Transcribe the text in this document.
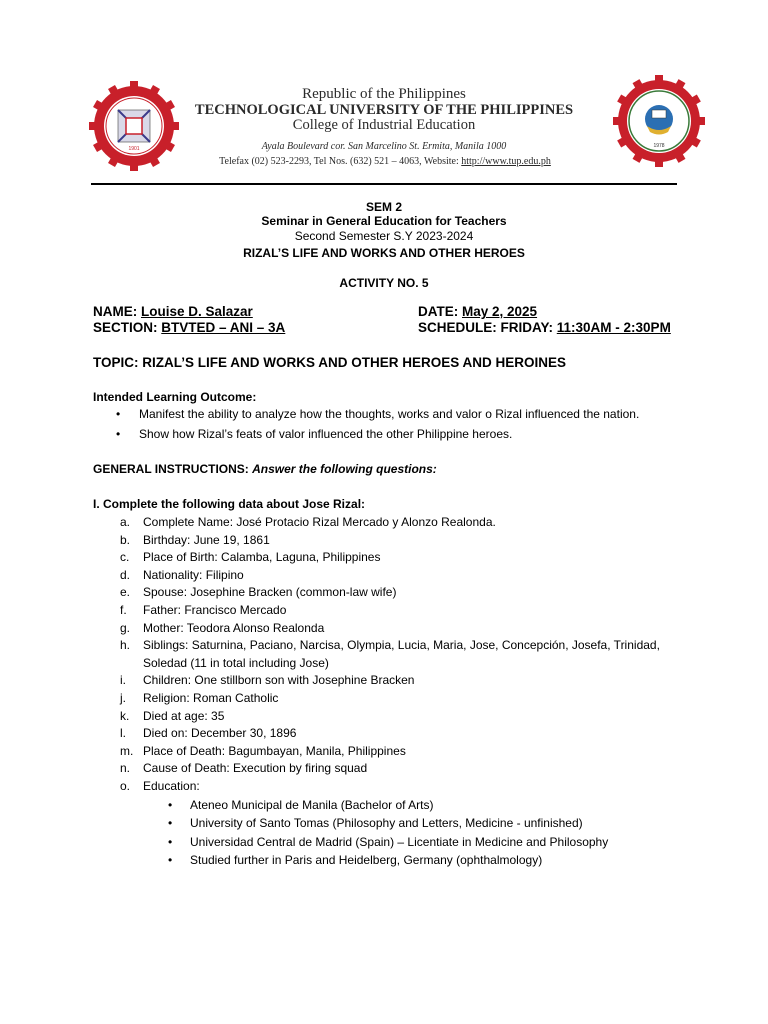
1901	1978
Republic of the Philippines
TECHNOLOGICAL UNIVERSITY OF THE PHILIPPINES
College of Industrial Education
Ayala Boulevard cor. San Marcelino St. Ermita, Manila 1000
Telefax (02) 523-2293, Tel Nos. (632) 521 – 4063, Website: http://www.tup.edu.ph
SEM 2
Seminar in General Education for Teachers
Second Semester S.Y 2023-2024
RIZAL’S LIFE AND WORKS AND OTHER HEROES
ACTIVITY NO. 5
NAME: Louise D. Salazar	DATE: May 2, 2025
SECTION: BTVTED – ANI – 3A	SCHEDULE: FRIDAY: 11:30AM - 2:30PM
TOPIC: RIZAL’S LIFE AND WORKS AND OTHER HEROES AND HEROINES
Intended Learning Outcome:
• Manifest the ability to analyze how the thoughts, works and valor o Rizal influenced the nation.
• Show how Rizal’s feats of valor influenced the other Philippine heroes.
GENERAL INSTRUCTIONS: Answer the following questions:
I. Complete the following data about Jose Rizal:
a. Complete Name: José Protacio Rizal Mercado y Alonzo Realonda.
b. Birthday: June 19, 1861
c. Place of Birth: Calamba, Laguna, Philippines
d. Nationality: Filipino
e. Spouse: Josephine Bracken (common-law wife)
f. Father: Francisco Mercado
g. Mother: Teodora Alonso Realonda
h. Siblings: Saturnina, Paciano, Narcisa, Olympia, Lucia, Maria, Jose, Concepción, Josefa, Trinidad,
Soledad (11 in total including Jose)
i. Children: One stillborn son with Josephine Bracken
j. Religion: Roman Catholic
k. Died at age: 35
l. Died on: December 30, 1896
m. Place of Death: Bagumbayan, Manila, Philippines
n. Cause of Death: Execution by firing squad
o. Education:
• Ateneo Municipal de Manila (Bachelor of Arts)
• University of Santo Tomas (Philosophy and Letters, Medicine - unfinished)
• Universidad Central de Madrid (Spain) – Licentiate in Medicine and Philosophy
• Studied further in Paris and Heidelberg, Germany (ophthalmology)
